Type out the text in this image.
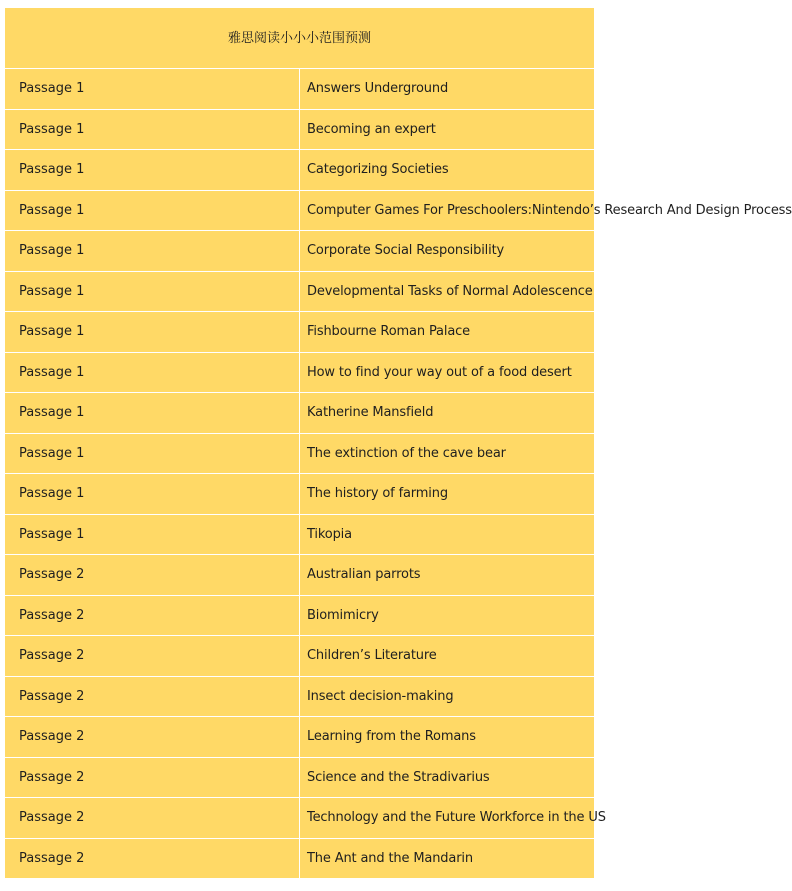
雅思阅读小小小范围预测	
Passage 1	Answers Underground
Passage 1	Becoming an expert
Passage 1	Categorizing Societies
Passage 1	Computer Games For Preschoolers:Nintendo’s Research And Design Process
Passage 1	Corporate Social Responsibility
Passage 1	Developmental Tasks of Normal Adolescence
Passage 1	Fishbourne Roman Palace
Passage 1	How to find your way out of a food desert
Passage 1	Katherine Mansfield
Passage 1	The extinction of the cave bear
Passage 1	The history of farming
Passage 1	Tikopia
Passage 2	Australian parrots
Passage 2	Biomimicry
Passage 2	Children’s Literature
Passage 2	Insect decision-making
Passage 2	Learning from the Romans
Passage 2	Science and the Stradivarius
Passage 2	Technology and the Future Workforce in the US
Passage 2	The Ant and the Mandarin
